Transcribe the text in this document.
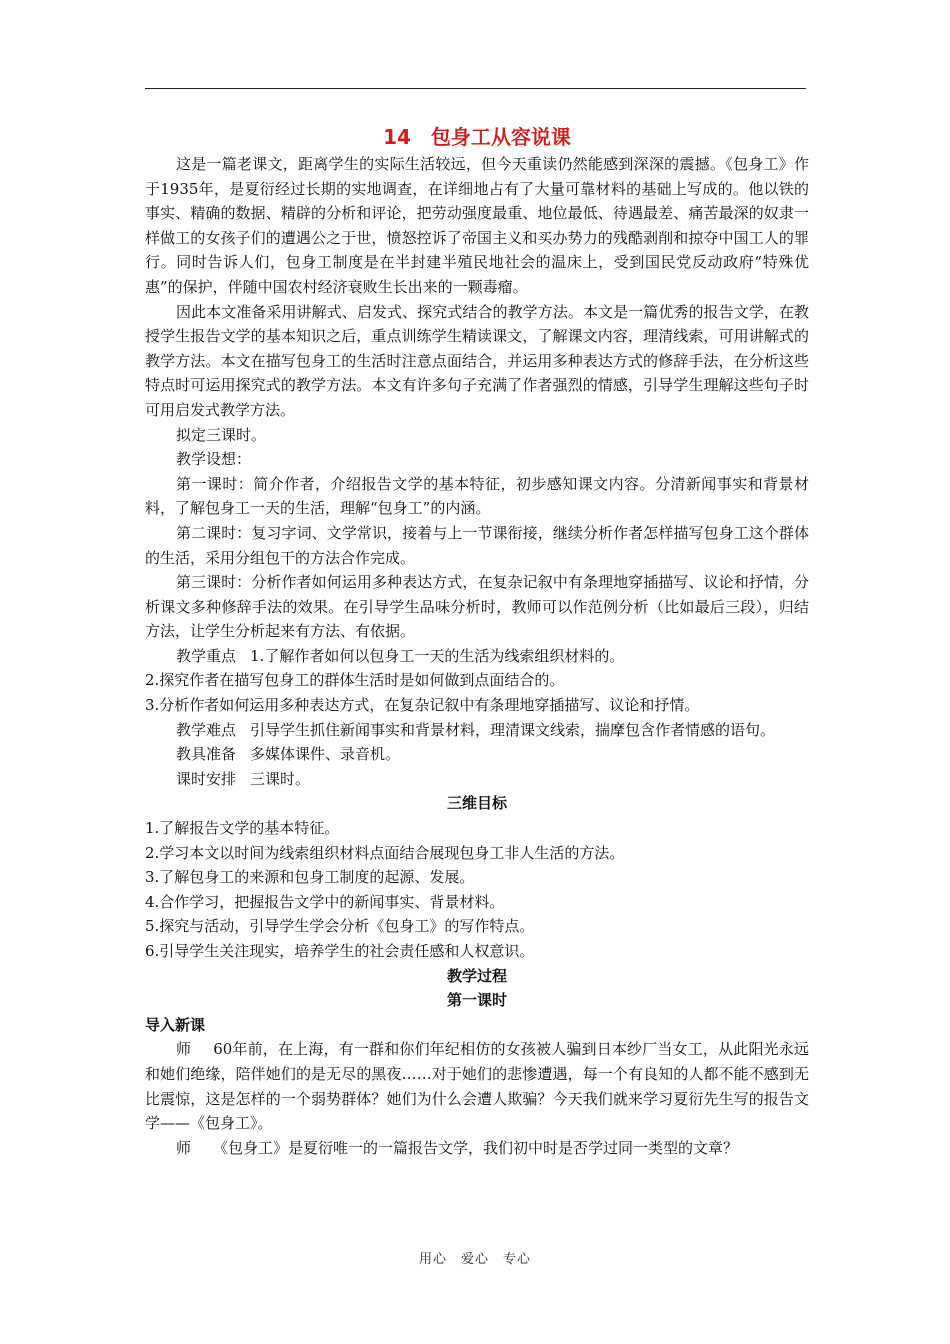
14 包身工从容说课

这是一篇老课文，距离学生的实际生活较远，但今天重读仍然能感到深深的震撼。《包身工》作于1935年，是夏衍经过长期的实地调查，在详细地占有了大量可靠材料的基础上写成的。他以铁的事实、精确的数据、精辟的分析和评论，把劳动强度最重、地位最低、待遇最差、痛苦最深的奴隶一样做工的女孩子们的遭遇公之于世，愤怒控诉了帝国主义和买办势力的残酷剥削和掠夺中国工人的罪行。同时告诉人们，包身工制度是在半封建半殖民地社会的温床上，受到国民党反动政府“特殊优惠”的保护，伴随中国农村经济衰败生长出来的一颗毒瘤。

因此本文准备采用讲解式、启发式、探究式结合的教学方法。本文是一篇优秀的报告文学，在教授学生报告文学的基本知识之后，重点训练学生精读课文，了解课文内容，理清线索，可用讲解式的教学方法。本文在描写包身工的生活时注意点面结合，并运用多种表达方式的修辞手法，在分析这些特点时可运用探究式的教学方法。本文有许多句子充满了作者强烈的情感，引导学生理解这些句子时可用启发式教学方法。

拟定三课时。

教学设想：

第一课时：简介作者，介绍报告文学的基本特征，初步感知课文内容。分清新闻事实和背景材料，了解包身工一天的生活，理解“包身工”的内涵。

第二课时：复习字词、文学常识，接着与上一节课衔接，继续分析作者怎样描写包身工这个群体的生活，采用分组包干的方法合作完成。

第三课时：分析作者如何运用多种表达方式，在复杂记叙中有条理地穿插描写、议论和抒情，分析课文多种修辞手法的效果。在引导学生品味分析时，教师可以作范例分析（比如最后三段），归结方法，让学生分析起来有方法、有依据。

教学重点 1.了解作者如何以包身工一天的生活为线索组织材料的。

2.探究作者在描写包身工的群体生活时是如何做到点面结合的。

3.分析作者如何运用多种表达方式，在复杂记叙中有条理地穿插描写、议论和抒情。

教学难点 引导学生抓住新闻事实和背景材料，理清课文线索，揣摩包含作者情感的语句。

教具准备 多媒体课件、录音机。

课时安排 三课时。

三维目标

1.了解报告文学的基本特征。

2.学习本文以时间为线索组织材料点面结合展现包身工非人生活的方法。

3.了解包身工的来源和包身工制度的起源、发展。

4.合作学习，把握报告文学中的新闻事实、背景材料。

5.探究与活动，引导学生学会分析《包身工》的写作特点。

6.引导学生关注现实，培养学生的社会责任感和人权意识。

教学过程
第一课时
导入新课

师 60年前，在上海，有一群和你们年纪相仿的女孩被人骗到日本纱厂当女工，从此阳光永远和她们绝缘，陪伴她们的是无尽的黑夜……对于她们的悲惨遭遇，每一个有良知的人都不能不感到无比震惊，这是怎样的一个弱势群体？她们为什么会遭人欺骗？今天我们就来学习夏衍先生写的报告文学——《包身工》。

师 《包身工》是夏衍唯一的一篇报告文学，我们初中时是否学过同一类型的文章？

用心　爱心　专心
